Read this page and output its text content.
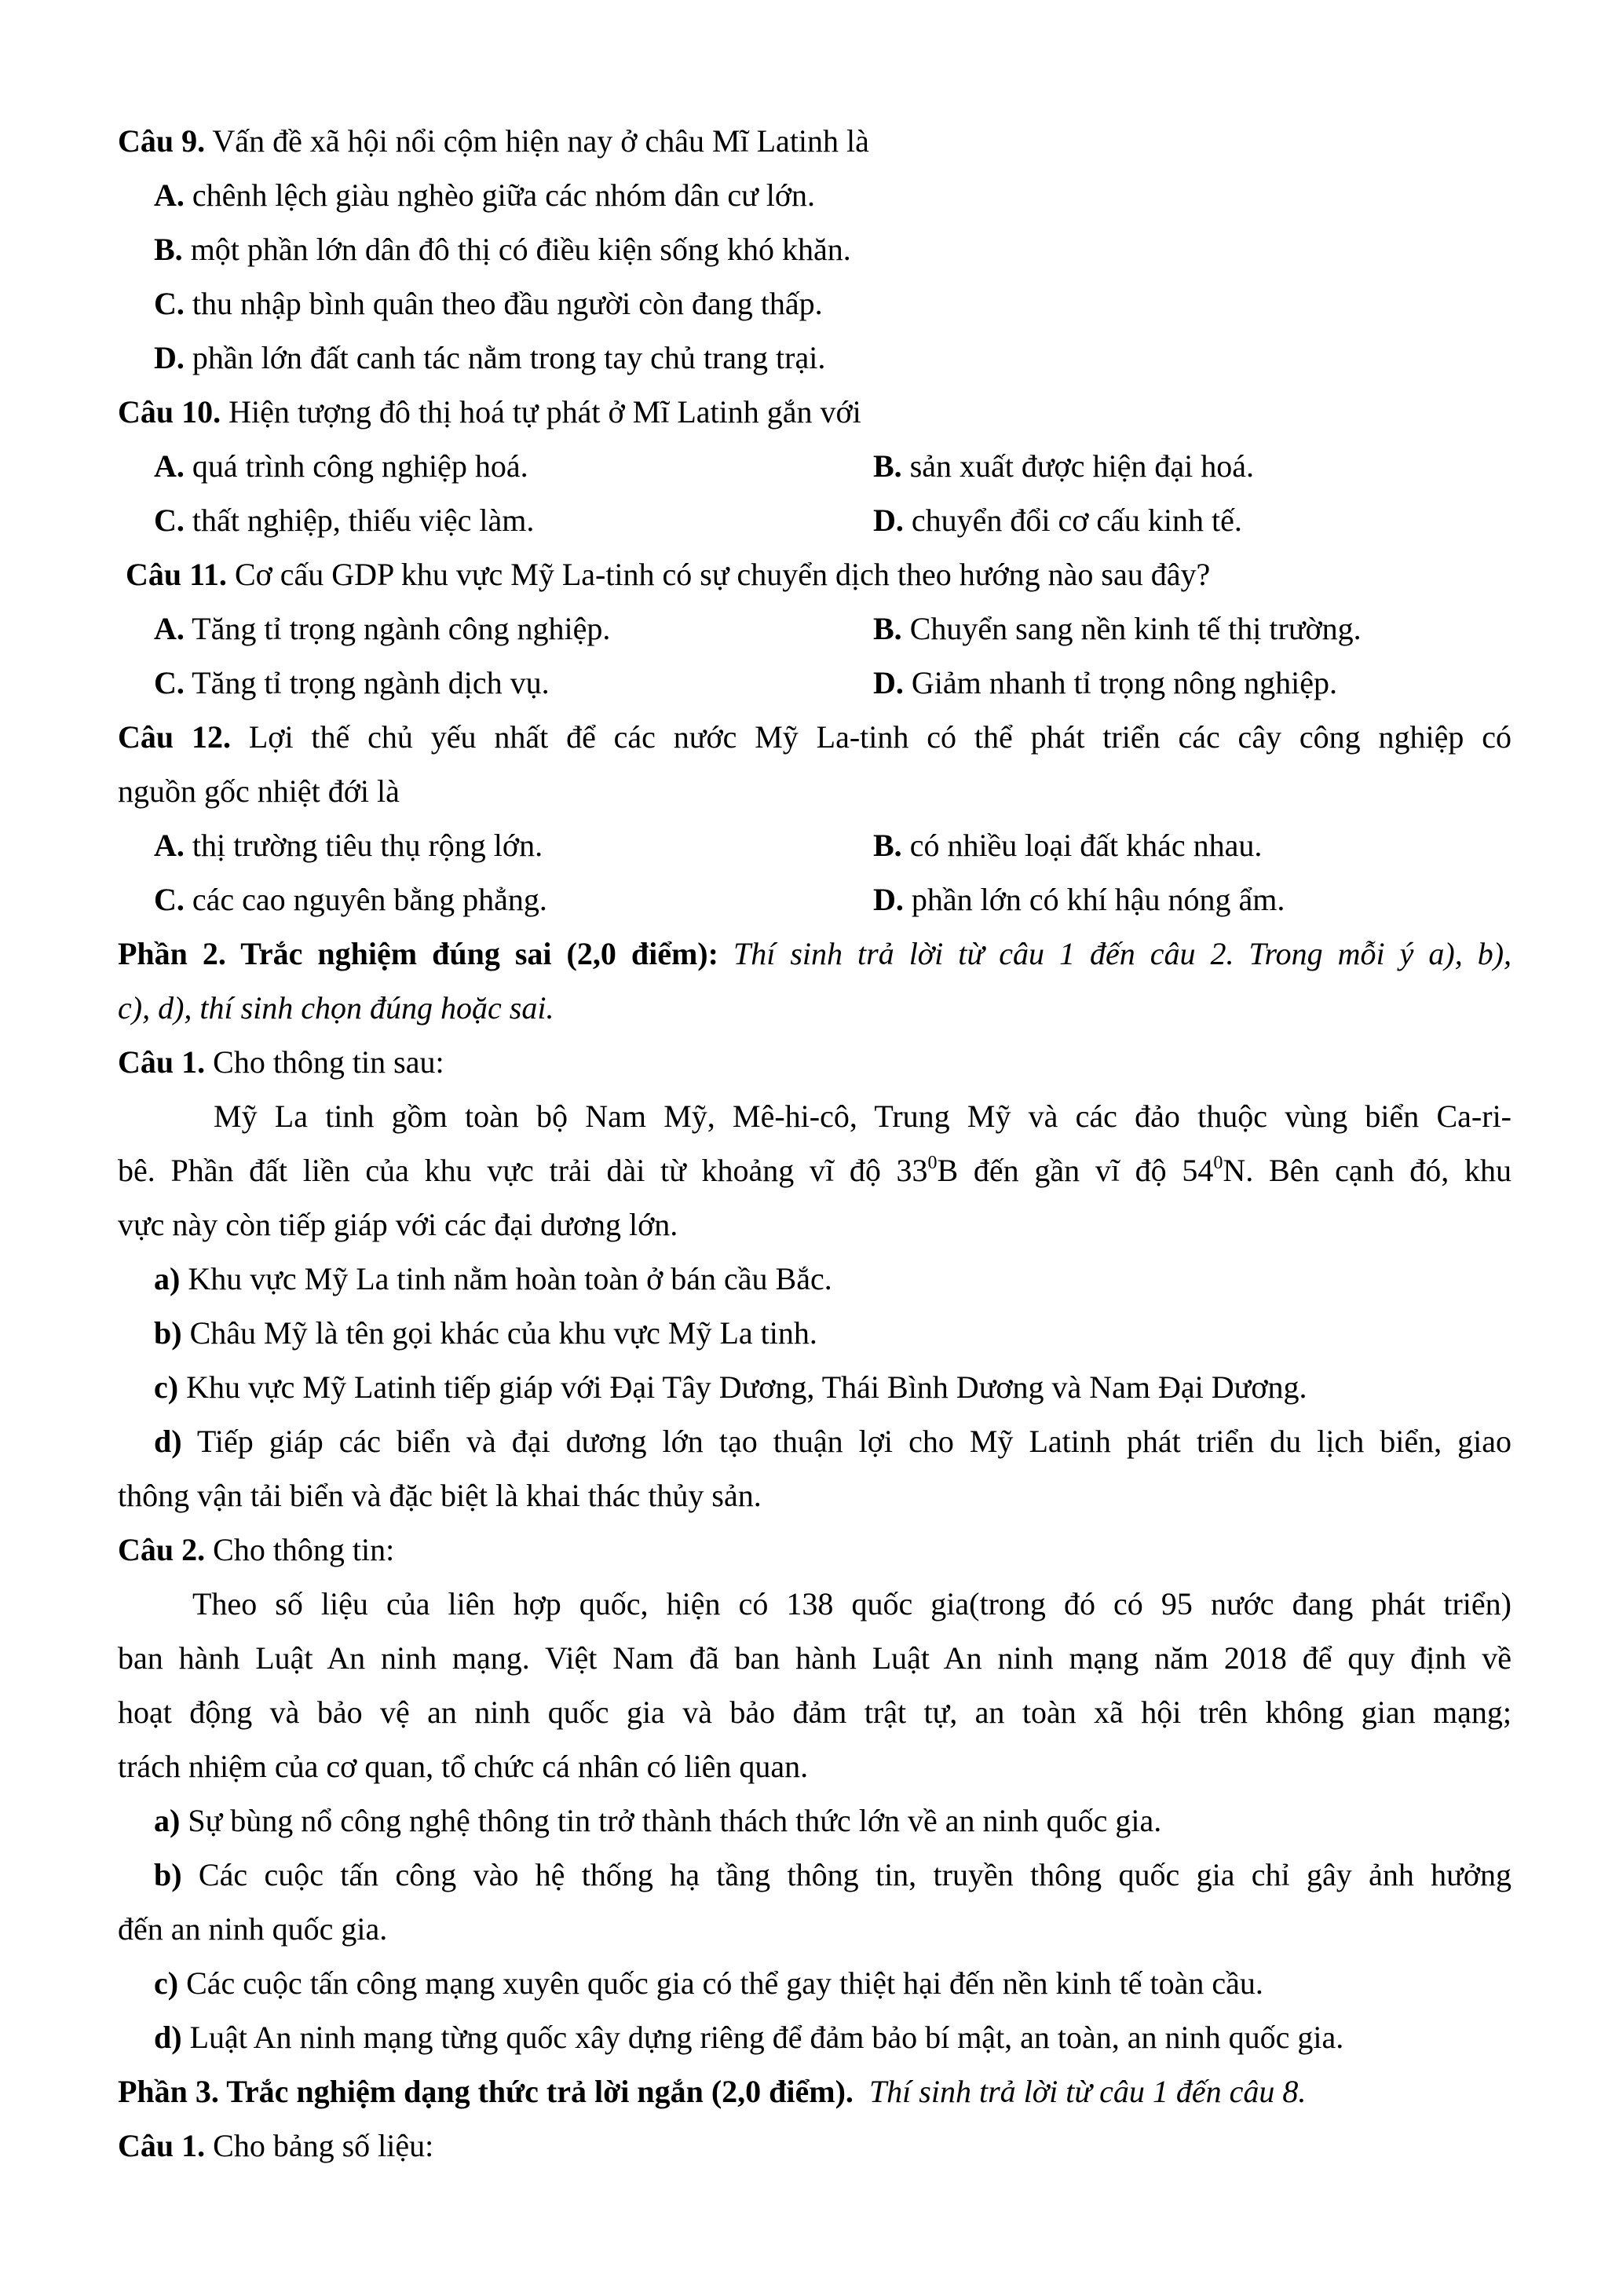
Câu 9. Vấn đề xã hội nổi cộm hiện nay ở châu Mĩ Latinh là
A. chênh lệch giàu nghèo giữa các nhóm dân cư lớn.
B. một phần lớn dân đô thị có điều kiện sống khó khăn.
C. thu nhập bình quân theo đầu người còn đang thấp.
D. phần lớn đất canh tác nằm trong tay chủ trang trại.
Câu 10. Hiện tượng đô thị hoá tự phát ở Mĩ Latinh gắn với
A. quá trình công nghiệp hoá.	B. sản xuất được hiện đại hoá.
C. thất nghiệp, thiếu việc làm.	D. chuyển đổi cơ cấu kinh tế.
Câu 11. Cơ cấu GDP khu vực Mỹ La-tinh có sự chuyển dịch theo hướng nào sau đây?
A. Tăng tỉ trọng ngành công nghiệp.	B. Chuyển sang nền kinh tế thị trường.
C. Tăng tỉ trọng ngành dịch vụ.	D. Giảm nhanh tỉ trọng nông nghiệp.
Câu 12. Lợi thế chủ yếu nhất để các nước Mỹ La-tinh có thể phát triển các cây công nghiệp có
nguồn gốc nhiệt đới là
A. thị trường tiêu thụ rộng lớn.	B. có nhiều loại đất khác nhau.
C. các cao nguyên bằng phẳng.	D. phần lớn có khí hậu nóng ẩm.
Phần 2. Trắc nghiệm đúng sai (2,0 điểm): Thí sinh trả lời từ câu 1 đến câu 2. Trong mỗi ý a), b),
c), d), thí sinh chọn đúng hoặc sai.
Câu 1. Cho thông tin sau:
Mỹ La tinh gồm toàn bộ Nam Mỹ, Mê-hi-cô, Trung Mỹ và các đảo thuộc vùng biển Ca-ri-
bê. Phần đất liền của khu vực trải dài từ khoảng vĩ độ $33^0B$ đến gần vĩ độ $54^0N$. Bên cạnh đó, khu
vực này còn tiếp giáp với các đại dương lớn.
a) Khu vực Mỹ La tinh nằm hoàn toàn ở bán cầu Bắc.
b) Châu Mỹ là tên gọi khác của khu vực Mỹ La tinh.
c) Khu vực Mỹ Latinh tiếp giáp với Đại Tây Dương, Thái Bình Dương và Nam Đại Dương.
d) Tiếp giáp các biển và đại dương lớn tạo thuận lợi cho Mỹ Latinh phát triển du lịch biển, giao
thông vận tải biển và đặc biệt là khai thác thủy sản.
Câu 2. Cho thông tin:
Theo số liệu của liên hợp quốc, hiện có 138 quốc gia(trong đó có 95 nước đang phát triển)
ban hành Luật An ninh mạng. Việt Nam đã ban hành Luật An ninh mạng năm 2018 để quy định về
hoạt động và bảo vệ an ninh quốc gia và bảo đảm trật tự, an toàn xã hội trên không gian mạng;
trách nhiệm của cơ quan, tổ chức cá nhân có liên quan.
a) Sự bùng nổ công nghệ thông tin trở thành thách thức lớn về an ninh quốc gia.
b) Các cuộc tấn công vào hệ thống hạ tầng thông tin, truyền thông quốc gia chỉ gây ảnh hưởng
đến an ninh quốc gia.
c) Các cuộc tấn công mạng xuyên quốc gia có thể gay thiệt hại đến nền kinh tế toàn cầu.
d) Luật An ninh mạng từng quốc xây dựng riêng để đảm bảo bí mật, an toàn, an ninh quốc gia.
Phần 3. Trắc nghiệm dạng thức trả lời ngắn (2,0 điểm). Thí sinh trả lời từ câu 1 đến câu 8.
Câu 1. Cho bảng số liệu:
